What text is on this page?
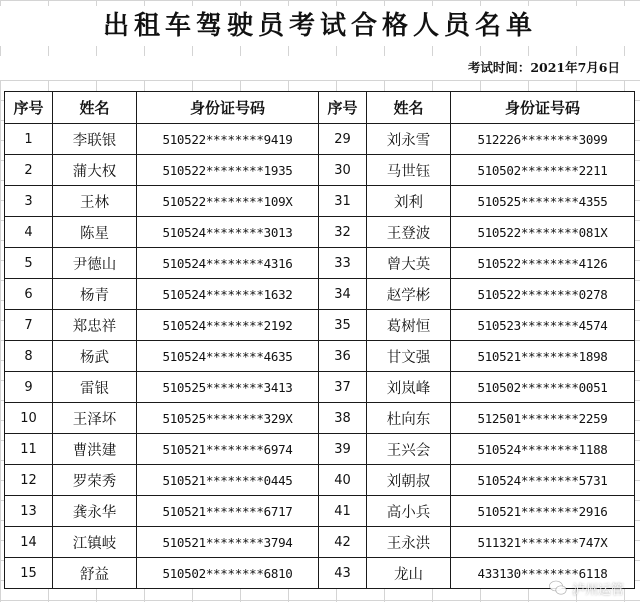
出租车驾驶员考试合格人员名单
考试时间：2021年7月6日
序号	姓名	身份证号码	序号	姓名	身份证号码
1	李联银	510522********9419	29	刘永雪	512226********3099
2	蒲大权	510522********1935	30	马世钰	510502********2211
3	王林	510522********109X	31	刘利	510525********4355
4	陈星	510524********3013	32	王登波	510522********081X
5	尹德山	510524********4316	33	曾大英	510522********4126
6	杨青	510524********1632	34	赵学彬	510522********0278
7	郑忠祥	510524********2192	35	葛树恒	510523********4574
8	杨武	510524********4635	36	甘文强	510521********1898
9	雷银	510525********3413	37	刘岚峰	510502********0051
10	王泽坏	510525********329X	38	杜向东	512501********2259
11	曹洪建	510521********6974	39	王兴会	510524********1188
12	罗荣秀	510521********0445	40	刘朝叔	510524********5731
13	龚永华	510521********6717	41	高小兵	510521********2916
14	江镇岐	510521********3794	42	王永洪	511321********747X
15	舒益	510502********6810	43	龙山	433130********6118
泸州运管
